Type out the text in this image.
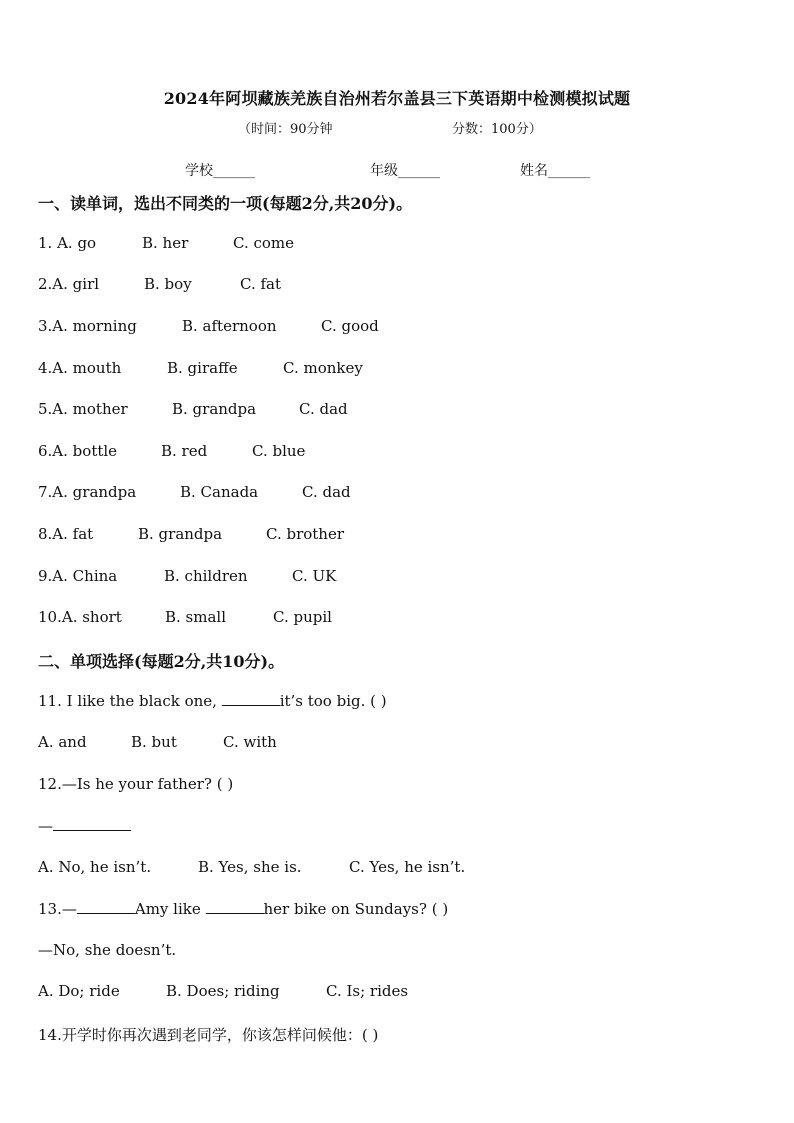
2024年阿坝藏族羌族自治州若尔盖县三下英语期中检测模拟试题
（时间：90分钟	分数：100分）
学校______	年级______	姓名______
一、读单词，选出不同类的一项(每题2分,共20分)。
1. A. go	B. her	C. come
2.A. girl	B. boy	C. fat
3.A. morning	B. afternoon	C. good
4.A. mouth	B. giraffe	C. monkey
5.A. mother	B. grandpa	C. dad
6.A. bottle	B. red	C. blue
7.A. grandpa	B. Canada	C. dad
8.A. fat	B. grandpa	C. brother
9.A. China	B. children	C. UK
10.A. short	B. small	C. pupil
二、单项选择(每题2分,共10分)。
11. I like the black one,	it’s too big. ( )
A. and	B. but	C. with
12.—Is he your father? ( )
—
A. No, he isn’t.	B. Yes, she is.	C. Yes, he isn’t.
13.—	Amy like	her bike on Sundays? ( )
—No, she doesn’t.
A. Do; ride	B. Does; riding	C. Is; rides
14.开学时你再次遇到老同学，你该怎样问候他：( )
